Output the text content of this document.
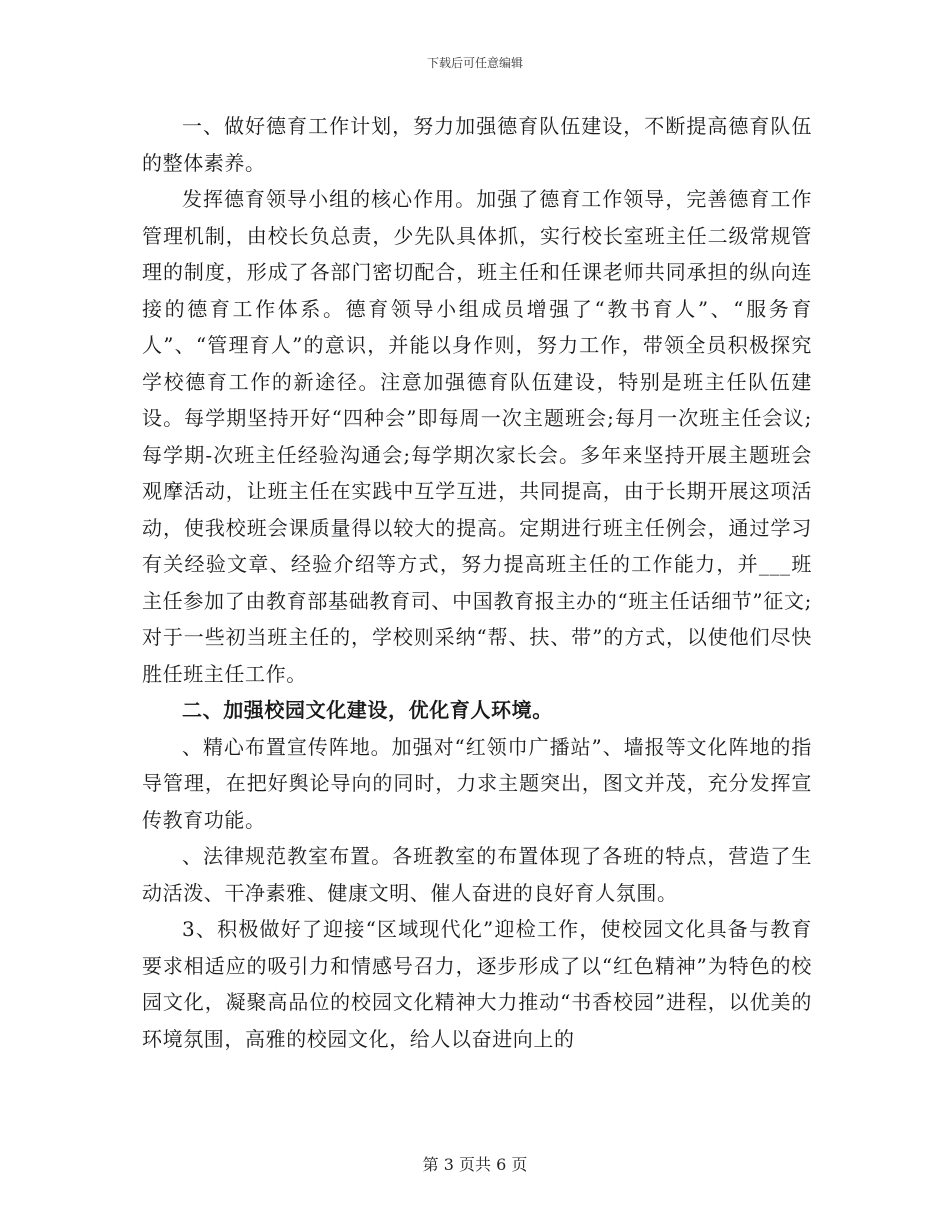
下载后可任意编辑

一、做好德育工作计划，努力加强德育队伍建设，不断提高德育队伍的整体素养。

发挥德育领导小组的核心作用。加强了德育工作领导，完善德育工作管理机制，由校长负总责，少先队具体抓，实行校长室班主任二级常规管理的制度，形成了各部门密切配合，班主任和任课老师共同承担的纵向连接的德育工作体系。德育领导小组成员增强了“教书育人”、“服务育人”、“管理育人”的意识，并能以身作则，努力工作，带领全员积极探究学校德育工作的新途径。注意加强德育队伍建设，特别是班主任队伍建设。每学期坚持开好“四种会”即每周一次主题班会;每月一次班主任会议;每学期-次班主任经验沟通会;每学期次家长会。多年来坚持开展主题班会观摩活动，让班主任在实践中互学互进，共同提高，由于长期开展这项活动，使我校班会课质量得以较大的提高。定期进行班主任例会，通过学习有关经验文章、经验介绍等方式，努力提高班主任的工作能力，并___班主任参加了由教育部基础教育司、中国教育报主办的“班主任话细节”征文;对于一些初当班主任的，学校则采纳“帮、扶、带”的方式，以使他们尽快胜任班主任工作。

二、加强校园文化建设，优化育人环境。

、精心布置宣传阵地。加强对“红领巾广播站”、墙报等文化阵地的指导管理，在把好舆论导向的同时，力求主题突出，图文并茂，充分发挥宣传教育功能。

、法律规范教室布置。各班教室的布置体现了各班的特点，营造了生动活泼、干净素雅、健康文明、催人奋进的良好育人氛围。

3、积极做好了迎接“区域现代化”迎检工作，使校园文化具备与教育要求相适应的吸引力和情感号召力，逐步形成了以“红色精神”为特色的校园文化，凝聚高品位的校园文化精神大力推动“书香校园”进程，以优美的环境氛围，高雅的校园文化，给人以奋进向上的

第 3 页共 6 页
